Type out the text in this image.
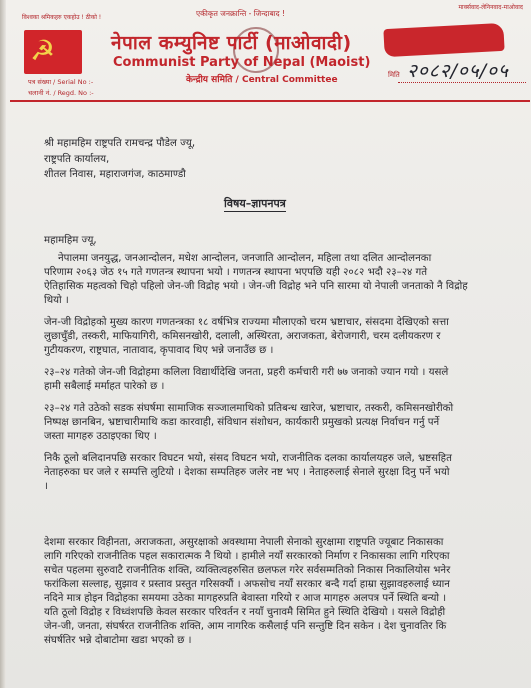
विश्वका श्रमिकहरु एकहोउ ! ठीको !	एकीकृत जनक्रान्ति - जिन्दाबाद !
मार्क्सवाद-लेनिनवाद-माओवाद
☭	नेपाल कम्युनिष्ट पार्टी (माओवादी)
Communist Party of Nepal (Maoist)
केन्द्रीय समिति / Central Committee
पत्र संख्या / Serial No :-
चलानी नं. / Regd. No :-
मिति २०८२/०५/०५
श्री महामहिम राष्ट्रपति रामचन्द्र पौडेल ज्यू,
राष्ट्रपति कार्यालय,
शीतल निवास, महाराजगंज, काठमाण्डौ
विषय–ज्ञापनपत्र
महामहिम ज्यू,
नेपालमा जनयुद्ध, जनआन्दोलन, मधेश आन्दोलन, जनजाति आन्दोलन, महिला तथा दलित आन्दोलनका
परिणाम २०६३ जेठ १५ गते गणतन्त्र स्थापना भयो । गणतन्त्र स्थापना भएपछि यही २०८२ भदौ २३–२४ गते
ऐतिहासिक महत्वको चिहो पहिलो जेन-जी विद्रोह भयो । जेन-जी विद्रोह भने पनि सारमा यो नेपाली जनताको नै विद्रोह
थियो ।
जेन-जी विद्रोहको मुख्य कारण गणतन्त्रका १८ वर्षभित्र राज्यमा मौलाएको चरम भ्रष्टाचार, संसदमा देखिएको सत्ता
लुछाचुँडी, तस्करी, माफियागिरी, कमिसनखोरी, दलाली, अस्थिरता, अराजकता, बेरोजगारी, चरम दलीयकरण र
गुटीयकरण, राष्ट्रघात, नातावाद, कृपावाद थिए भन्ने जनाउँछ छ ।
२३–२४ गतेको जेन-जी विद्रोहमा कलिला विद्यार्थीदेखि जनता, प्रहरी कर्मचारी गरी ७७ जनाको ज्यान गयो । यसले
हामी सबैलाई मर्माहत पारेको छ ।
२३–२४ गते उठेको सडक संघर्षमा सामाजिक सञ्जालमाथिको प्रतिबन्ध खारेज, भ्रष्टाचार, तस्करी, कमिसनखोरीको
निष्पक्ष छानबिन, भ्रष्टाचारीमाथि कडा कारवाही, संविधान संशोधन, कार्यकारी प्रमुखको प्रत्यक्ष निर्वाचन गर्नु पर्ने
जस्ता मागहरु उठाइएका थिए ।
निकै ठूलो बलिदानपछि सरकार विघटन भयो, संसद विघटन भयो, राजनीतिक दलका कार्यालयहरु जले, भ्रष्टसहित
नेताहरुका घर जले र सम्पत्ति लुटियो । देशका सम्पतिहरु जलेर नष्ट भए । नेताहरुलाई सेनाले सुरक्षा दिनु पर्ने भयो
।
देशमा सरकार विहीनता, अराजकता, असुरक्षाको अवस्थामा नेपाली सेनाको सुरक्षामा राष्ट्रपति ज्यूबाट निकासका
लागि गरिएको राजनीतिक पहल सकारात्मक नै थियो । हामीले नयाँ सरकारको निर्माण र निकासका लागि गरिएका
सचेत पहलमा सुरुवाटै राजनीतिक शक्ति, व्यक्तित्वहरुसित छलफल गरेर सर्वसम्मतिको निकास निकालियोस भनेर
फरांकिला सल्लाह, सुझाव र प्रस्ताव प्रस्तुत गरिसक्यौं । अफसोच नयाँ सरकार बन्दै गर्दा हाम्रा सुझावहरुलाई ध्यान
नदिने मात्र होइन विद्रोहका समयमा उठेका मागहरुप्रति बेवास्ता गरियो र आज मागहरु अलपत्र पर्ने स्थिति बन्यो ।
यति ठूलो विद्रोह र विध्वंशपछि केवल सरकार परिवर्तन र नयाँ चुनावमै सिमित हुने स्थिति देखियो । यसले विद्रोही
जेन-जी, जनता, संघर्षरत राजनीतिक शक्ति, आम नागरिक कसैलाई पनि सन्तुष्टि दिन सकेन । देश चुनावतिर कि
संघर्षतिर भन्ने दोबाटोमा खडा भएको छ ।
